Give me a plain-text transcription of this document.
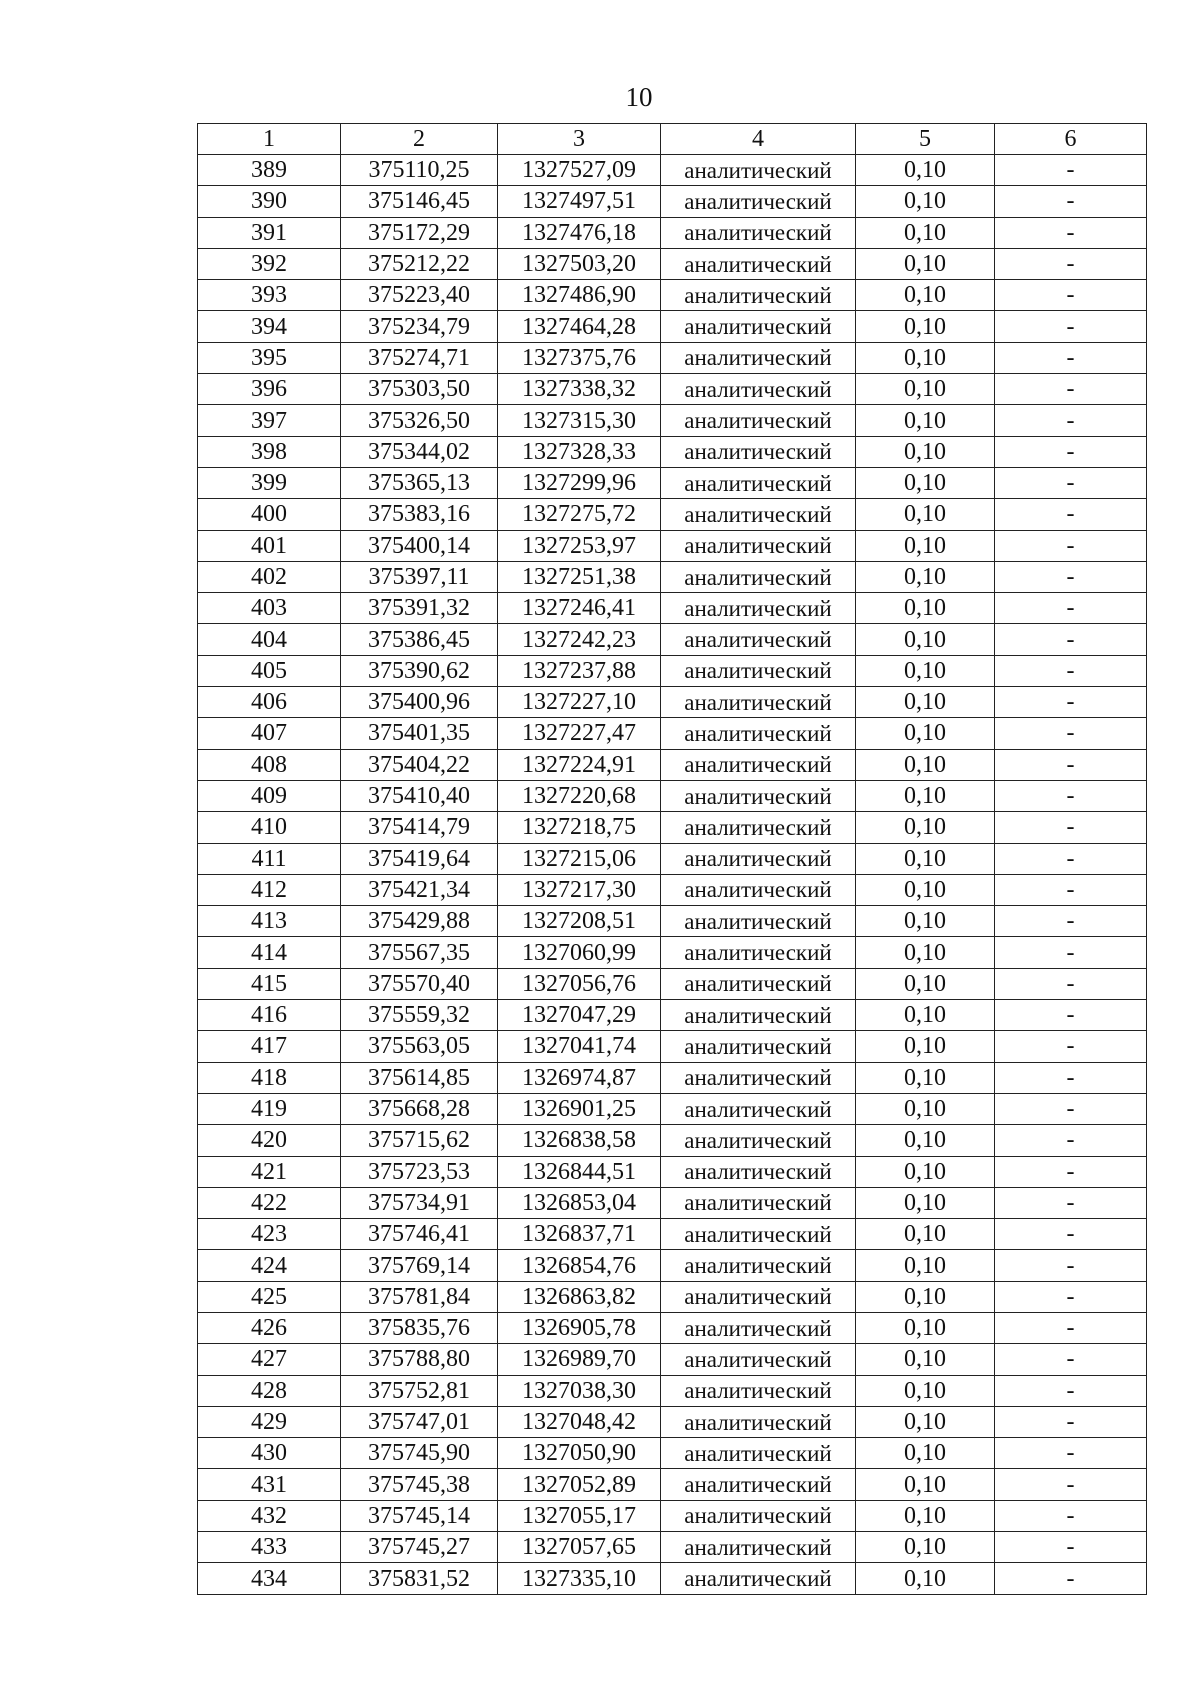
10
1	2	3	4	5	6
389	375110,25	1327527,09	аналитический	0,10	-
390	375146,45	1327497,51	аналитический	0,10	-
391	375172,29	1327476,18	аналитический	0,10	-
392	375212,22	1327503,20	аналитический	0,10	-
393	375223,40	1327486,90	аналитический	0,10	-
394	375234,79	1327464,28	аналитический	0,10	-
395	375274,71	1327375,76	аналитический	0,10	-
396	375303,50	1327338,32	аналитический	0,10	-
397	375326,50	1327315,30	аналитический	0,10	-
398	375344,02	1327328,33	аналитический	0,10	-
399	375365,13	1327299,96	аналитический	0,10	-
400	375383,16	1327275,72	аналитический	0,10	-
401	375400,14	1327253,97	аналитический	0,10	-
402	375397,11	1327251,38	аналитический	0,10	-
403	375391,32	1327246,41	аналитический	0,10	-
404	375386,45	1327242,23	аналитический	0,10	-
405	375390,62	1327237,88	аналитический	0,10	-
406	375400,96	1327227,10	аналитический	0,10	-
407	375401,35	1327227,47	аналитический	0,10	-
408	375404,22	1327224,91	аналитический	0,10	-
409	375410,40	1327220,68	аналитический	0,10	-
410	375414,79	1327218,75	аналитический	0,10	-
411	375419,64	1327215,06	аналитический	0,10	-
412	375421,34	1327217,30	аналитический	0,10	-
413	375429,88	1327208,51	аналитический	0,10	-
414	375567,35	1327060,99	аналитический	0,10	-
415	375570,40	1327056,76	аналитический	0,10	-
416	375559,32	1327047,29	аналитический	0,10	-
417	375563,05	1327041,74	аналитический	0,10	-
418	375614,85	1326974,87	аналитический	0,10	-
419	375668,28	1326901,25	аналитический	0,10	-
420	375715,62	1326838,58	аналитический	0,10	-
421	375723,53	1326844,51	аналитический	0,10	-
422	375734,91	1326853,04	аналитический	0,10	-
423	375746,41	1326837,71	аналитический	0,10	-
424	375769,14	1326854,76	аналитический	0,10	-
425	375781,84	1326863,82	аналитический	0,10	-
426	375835,76	1326905,78	аналитический	0,10	-
427	375788,80	1326989,70	аналитический	0,10	-
428	375752,81	1327038,30	аналитический	0,10	-
429	375747,01	1327048,42	аналитический	0,10	-
430	375745,90	1327050,90	аналитический	0,10	-
431	375745,38	1327052,89	аналитический	0,10	-
432	375745,14	1327055,17	аналитический	0,10	-
433	375745,27	1327057,65	аналитический	0,10	-
434	375831,52	1327335,10	аналитический	0,10	-
